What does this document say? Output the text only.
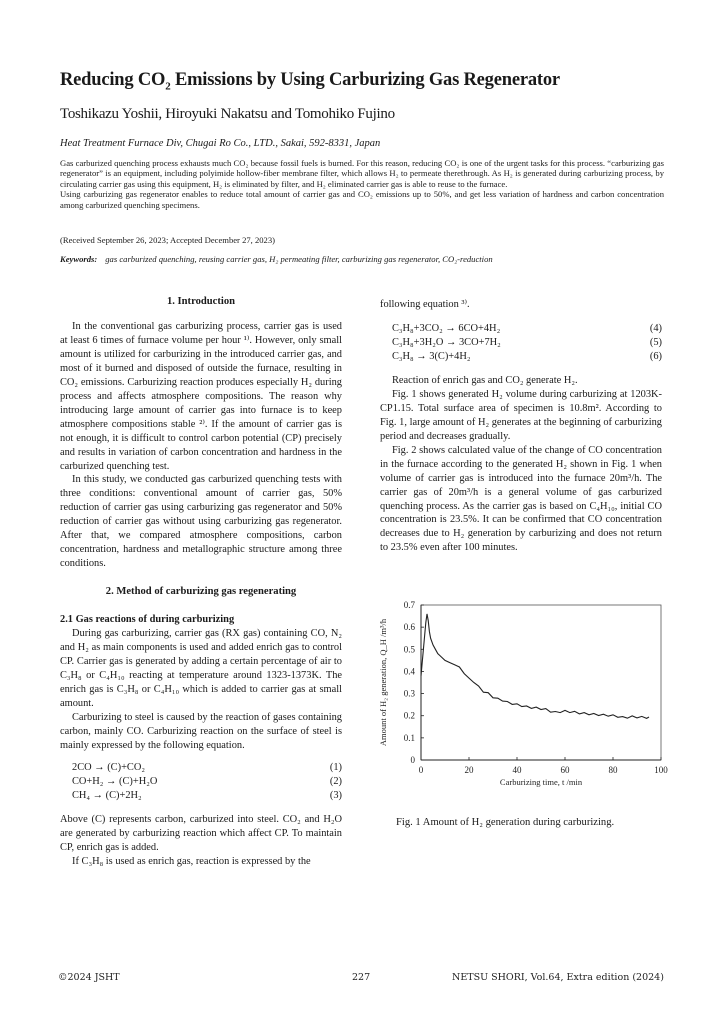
Reducing $CO_2$ Emissions by Using Carburizing Gas Regenerator
Toshikazu Yoshii, Hiroyuki Nakatsu and Tomohiko Fujino
Heat Treatment Furnace Div, Chugai Ro Co., LTD., Sakai, 592-8331, Japan

Gas carburized quenching process exhausts much CO₂ because fossil fuels is burned. For this reason, reducing CO₂ is one of the urgent tasks for this process. “carburizing gas regenerator” is an equipment, including polyimide hollow-fiber membrane filter, which allows H₂ to permeate therethrough. As H₂ is generated during carburizing process, by circulating carrier gas using this equipment, H₂ is eliminated by filter, and H₂ eliminated carrier gas is able to reuse to the furnace.

Using carburizing gas regenerator enables to reduce total amount of carrier gas and CO₂ emissions up to 50%, and get less variation of hardness and carbon concentration among carburized quenching specimens.

(Received September 26, 2023; Accepted December 27, 2023)
Keywords: gas carburized quenching, reusing carrier gas, H₂ permeating filter, carburizing gas regenerator, CO₂-reduction
1. Introduction

In the conventional gas carburizing process, carrier gas is used at least 6 times of furnace volume per hour ¹⁾. However, only small amount is utilized for carburizing in the introduced carrier gas, and most of it burned and disposed of outside the furnace, resulting in CO₂ emissions. Carburizing reaction produces especially H₂ during process and affects atmosphere compositions. The reason why introducing large amount of carrier gas into furnace is to keep atmosphere compositions stable ²⁾. If the amount of carrier gas is not enough, it is difficult to control carbon potential (CP) precisely and results in variation of carbon concentration and hardness in the carburized quenching test.

In this study, we conducted gas carburized quenching tests with three conditions: conventional amount of carrier gas, 50% reduction of carrier gas using carburizing gas regenerator and 50% reduction of carrier gas without using carburizing gas regenerator. After that, we compared atmosphere compositions, carbon concentration, hardness and metallographic structure among three conditions.

2. Method of carburizing gas regenerating
2.1 Gas reactions of during carburizing

During gas carburizing, carrier gas (RX gas) containing CO, N₂ and H₂ as main components is used and added enrich gas to control CP. Carrier gas is generated by adding a certain percentage of air to C₃H₈ or C₄H₁₀ reacting at temperature around 1323-1373K. The enrich gas is C₃H₈ or C₄H₁₀ which is added to carrier gas at small amount.

Carburizing to steel is caused by the reaction of gases containing carbon, mainly CO. Carburizing reaction on the surface of steel is mainly expressed by the following equation.

2CO → (C)+CO₂	(1)
CO+H₂ → (C)+H₂O	(2)
CH₄ → (C)+2H₂	(3)

Above (C) represents carbon, carburized into steel. CO₂ and H₂O are generated by carburizing reaction which affect CP. To maintain CP, enrich gas is added.

If C₃H₈ is used as enrich gas, reaction is expressed by the

following equation ³⁾.

C₃H₈+3CO₂ → 6CO+4H₂	(4)
C₃H₈+3H₂O → 3CO+7H₂	(5)
C₃H₈ → 3(C)+4H₂	(6)

Reaction of enrich gas and CO₂ generate H₂.

Fig. 1 shows generated H₂ volume during carburizing at 1203K-CP1.15. Total surface area of specimen is 10.8m². According to Fig. 1, large amount of H₂ generates at the beginning of carburizing period and decreases gradually.

Fig. 2 shows calculated value of the change of CO concentration in the furnace according to the generated H₂ shown in Fig. 1 when volume of carrier gas is introduced into the furnace 20m³/h. The carrier gas of 20m³/h is a general volume of gas carburized quenching process. As the carrier gas is based on C₄H₁₀, initial CO concentration is 23.5%. It can be confirmed that CO concentration decreases due to H₂ generation by carburizing and does not return to 23.5% even after 100 minutes.

0	20	40	60	80	100
0
0.1
0.2
0.3
0.4
0.5
0.6
0.7
Carburizing time, t /min
Amount of H₂ generation, Q_H /m³/h
Fig. 1 Amount of H₂ generation during carburizing.
©2024 JSHT	227	NETSU SHORI, Vol.64, Extra edition (2024)
